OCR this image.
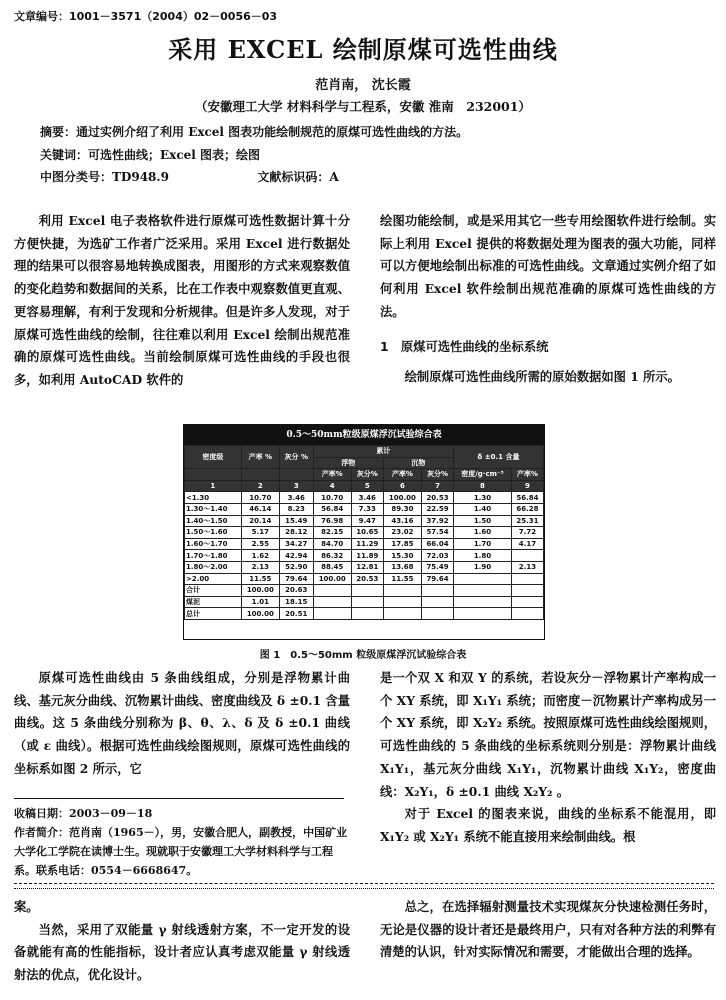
文章编号：1001－3571（2004）02－0056－03
采用 EXCEL 绘制原煤可选性曲线
范肖南， 沈长霞
（安徽理工大学 材料科学与工程系，安徽 淮南　232001）
摘要：通过实例介绍了利用 Excel 图表功能绘制规范的原煤可选性曲线的方法。
关键词：可选性曲线；Excel 图表；绘图
中图分类号：TD948.9	文献标识码：A

利用 Excel 电子表格软件进行原煤可选性数据计算十分方便快捷，为选矿工作者广泛采用。采用 Excel 进行数据处理的结果可以很容易地转换成图表，用图形的方式来观察数值的变化趋势和数据间的关系，比在工作表中观察数值更直观、更容易理解，有利于发现和分析规律。但是许多人发现，对于原煤可选性曲线的绘制，往往难以利用 Excel 绘制出规范准确的原煤可选性曲线。当前绘制原煤可选性曲线的手段也很多，如利用 AutoCAD 软件的

绘图功能绘制，或是采用其它一些专用绘图软件进行绘制。实际上利用 Excel 提供的将数据处理为图表的强大功能，同样可以方便地绘制出标准的可选性曲线。文章通过实例介绍了如何利用 Excel 软件绘制出规范准确的原煤可选性曲线的方法。

1　原煤可选性曲线的坐标系统

绘制原煤可选性曲线所需的原始数据如图 1 所示。

0.5～50mm粒级原煤浮沉试验综合表
密度级	产率 %	灰分 %	累计				δ ±0.1 含量	
			浮物		沉物			
			产率%	灰分%	产率%	灰分%	密度/g·cm⁻³	产率%
1	2	3	4	5	6	7	8	9
<1.30	10.70	3.46	10.70	3.46	100.00	20.53	1.30	56.84
1.30～1.40	46.14	8.23	56.84	7.33	89.30	22.59	1.40	66.28
1.40～1.50	20.14	15.49	76.98	9.47	43.16	37.92	1.50	25.31
1.50～1.60	5.17	28.12	82.15	10.65	23.02	57.54	1.60	7.72
1.60～1.70	2.55	34.27	84.70	11.29	17.85	66.04	1.70	4.17
1.70～1.80	1.62	42.94	86.32	11.89	15.30	72.03	1.80	
1.80～2.00	2.13	52.90	88.45	12.81	13.68	75.49	1.90	2.13
>2.00	11.55	79.64	100.00	20.53	11.55	79.64		
合计	100.00	20.63						
煤泥	1.01	18.15						
总计	100.00	20.51						
图 1　0.5～50mm 粒级原煤浮沉试验综合表

原煤可选性曲线由 5 条曲线组成，分别是浮物累计曲线、基元灰分曲线、沉物累计曲线、密度曲线及 δ ±0.1 含量曲线。这 5 条曲线分别称为 β、θ、λ、δ 及 δ ±0.1 曲线（或 ε 曲线）。根据可选性曲线绘图规则，原煤可选性曲线的坐标系如图 2 所示，它

收稿日期：2003－09－18
作者简介：范肖南（1965－），男，安徽合肥人，副教授，中国矿业大学化工学院在读博士生。现就职于安徽理工大学材料科学与工程系。联系电话：0554－6668647。

是一个双 X 和双 Y 的系统，若设灰分－浮物累计产率构成一个 XY 系统，即 X₁Y₁ 系统；而密度－沉物累计产率构成另一个 XY 系统，即 X₂Y₂ 系统。按照原煤可选性曲线绘图规则，可选性曲线的 5 条曲线的坐标系统则分别是：浮物累计曲线 X₁Y₁，基元灰分曲线 X₁Y₁，沉物累计曲线 X₁Y₂，密度曲线：X₂Y₁，δ ±0.1 曲线 X₂Y₂ 。

对于 Excel 的图表来说，曲线的坐标系不能混用，即 X₁Y₂ 或 X₂Y₁ 系统不能直接用来绘制曲线。根

案。

当然，采用了双能量 γ 射线透射方案，不一定开发的设备就能有高的性能指标，设计者应认真考虑双能量 γ 射线透射法的优点，优化设计。

总之，在选择辐射测量技术实现煤灰分快速检测任务时，无论是仪器的设计者还是最终用户，只有对各种方法的利弊有清楚的认识，针对实际情况和需要，才能做出合理的选择。
